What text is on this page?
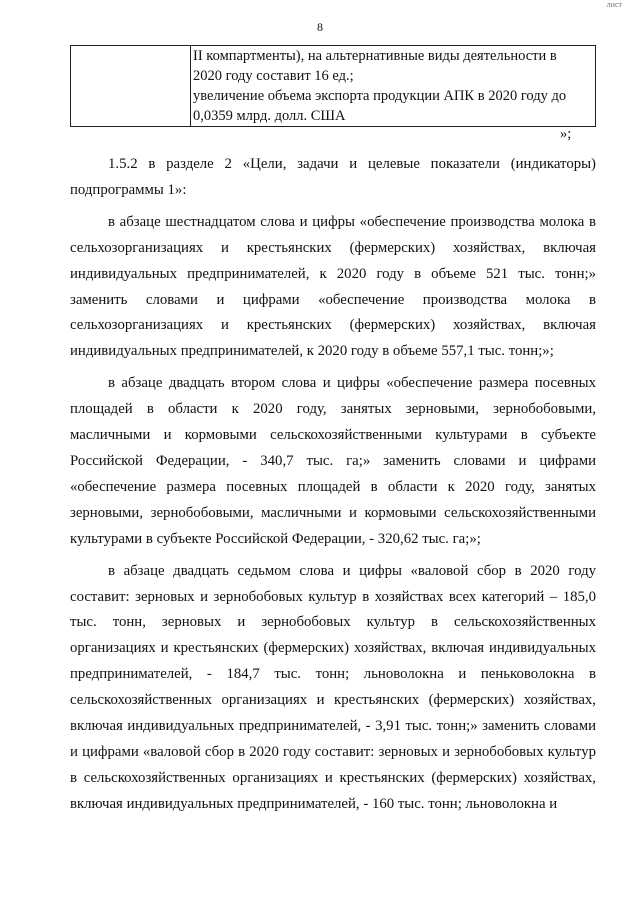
лист
8

II компартменты), на альтернативные виды деятельности в
2020 году составит 16 ед.;
увеличение объема экспорта продукции АПК в 2020 году до
0,0359 млрд. долл. США
»;

1.5.2 в разделе 2 «Цели, задачи и целевые показатели (индикаторы) подпрограммы 1»:

в абзаце шестнадцатом слова и цифры «обеспечение производства молока в сельхозорганизациях и крестьянских (фермерских) хозяйствах, включая индивидуальных предпринимателей, к 2020 году в объеме 521 тыс. тонн;» заменить словами и цифрами «обеспечение производства молока в сельхозорганизациях и крестьянских (фермерских) хозяйствах, включая индивидуальных предпринимателей, к 2020 году в объеме 557,1 тыс. тонн;»;

в абзаце двадцать втором слова и цифры «обеспечение размера посевных площадей в области к 2020 году, занятых зерновыми, зернобобовыми, масличными и кормовыми сельскохозяйственными культурами в субъекте Российской Федерации, - 340,7 тыс. га;» заменить словами и цифрами «обеспечение размера посевных площадей в области к 2020 году, занятых зерновыми, зернобобовыми, масличными и кормовыми сельскохозяйственными культурами в субъекте Российской Федерации, - 320,62 тыс. га;»;

в абзаце двадцать седьмом слова и цифры «валовой сбор в 2020 году составит: зерновых и зернобобовых культур в хозяйствах всех категорий – 185,0 тыс. тонн, зерновых и зернобобовых культур в сельскохозяйственных организациях и крестьянских (фермерских) хозяйствах, включая индивидуальных предпринимателей, - 184,7 тыс. тонн; льноволокна и пеньковолокна в сельскохозяйственных организациях и крестьянских (фермерских) хозяйствах, включая индивидуальных предпринимателей, - 3,91 тыс. тонн;» заменить словами и цифрами «валовой сбор в 2020 году составит: зерновых и зернобобовых культур в сельскохозяйственных организациях и крестьянских (фермерских) хозяйствах, включая индивидуальных предпринимателей, - 160 тыс. тонн; льноволокна и
